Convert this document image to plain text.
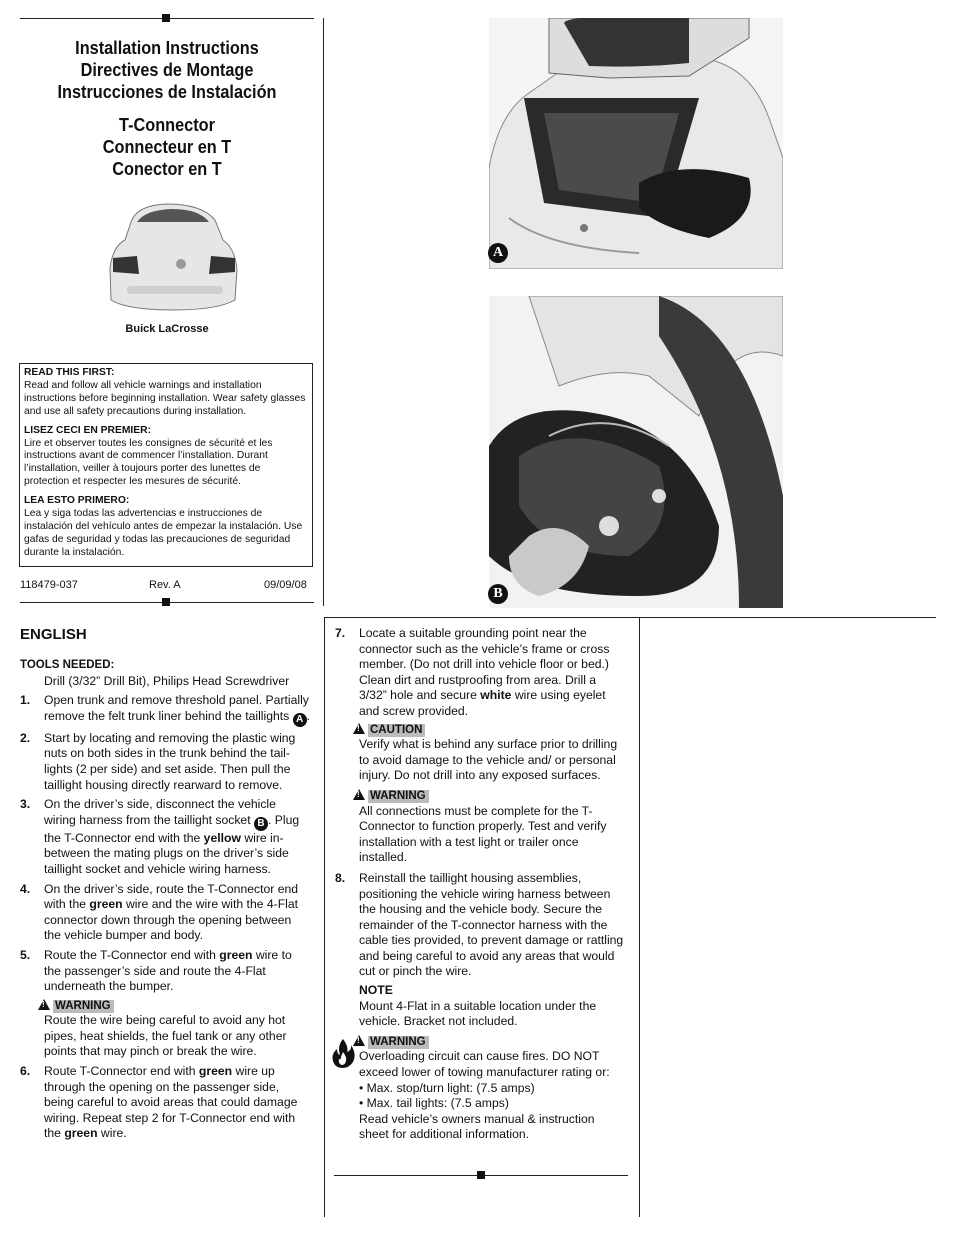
Installation Instructions
Directives de Montage
Instrucciones de Instalación
T-Connector
Connecteur en T
Conector en T
Buick LaCrosse
READ THIS FIRST:
Read and follow all vehicle warnings and installation instructions before beginning installation. Wear safety glasses and use all safety precautions during installation.
LISEZ CECI EN PREMIER:
Lire et observer toutes les consignes de sécurité et les instructions avant de commencer l’installation. Durant l’installation, veiller à toujours porter des lunettes de protection et respecter les mesures de sécurité.
LEA ESTO PRIMERO:
Lea y siga todas las advertencias e instrucciones de instalación del vehículo antes de empezar la instalación. Use gafas de seguridad y todas las precauciones de seguridad durante la instalación.
118479-037	Rev. A	09/09/08
A
B
ENGLISH
TOOLS NEEDED:
Drill (3/32” Drill Bit), Philips Head Screwdriver
1. Open trunk and remove threshold panel. Partially remove the felt trunk liner behind the taillights A .
2. Start by locating and removing the plastic wing nuts on both sides in the trunk behind the tail-lights (2 per side) and set aside. Then pull the taillight housing directly rearward to remove.
3. On the driver’s side, disconnect the vehicle wiring harness from the taillight socket B . Plug the T-Connector end with the yellow wire in-between the mating plugs on the driver’s side taillight socket and vehicle wiring harness.
4. On the driver’s side, route the T-Connector end with the green wire and the wire with the 4-Flat connector down through the opening between the vehicle bumper and body.
5. Route the T-Connector end with green wire to the passenger’s side and route the 4-Flat underneath the bumper.
!WARNING
Route the wire being careful to avoid any hot pipes, heat shields, the fuel tank or any other points that may pinch or break the wire.
6. Route T-Connector end with green wire up through the opening on the passenger side, being careful to avoid areas that could damage wiring. Repeat step 2 for T-Connector end with the green wire.
7. Locate a suitable grounding point near the connector such as the vehicle’s frame or cross member. (Do not drill into vehicle floor or bed.) Clean dirt and rustproofing from area. Drill a 3/32” hole and secure white wire using eyelet and screw provided.
!CAUTION
Verify what is behind any surface prior to drilling to avoid damage to the vehicle and/ or personal injury. Do not drill into any exposed surfaces.
!WARNING
All connections must be complete for the T-Connector to function properly. Test and verify installation with a test light or trailer once installed.
8. Reinstall the taillight housing assemblies, positioning the vehicle wiring harness between the housing and the vehicle body. Secure the remainder of the T-connector harness with the cable ties provided, to prevent damage or rattling and being careful to avoid any areas that would cut or pinch the wire.
NOTE
Mount 4-Flat in a suitable location under the vehicle. Bracket not included.
!WARNING
Overloading circuit can cause fires. DO NOT exceed lower of towing manufacturer rating or:
• Max. stop/turn light: (7.5 amps)
• Max. tail lights: (7.5 amps)
Read vehicle’s owners manual & instruction sheet for additional information.
